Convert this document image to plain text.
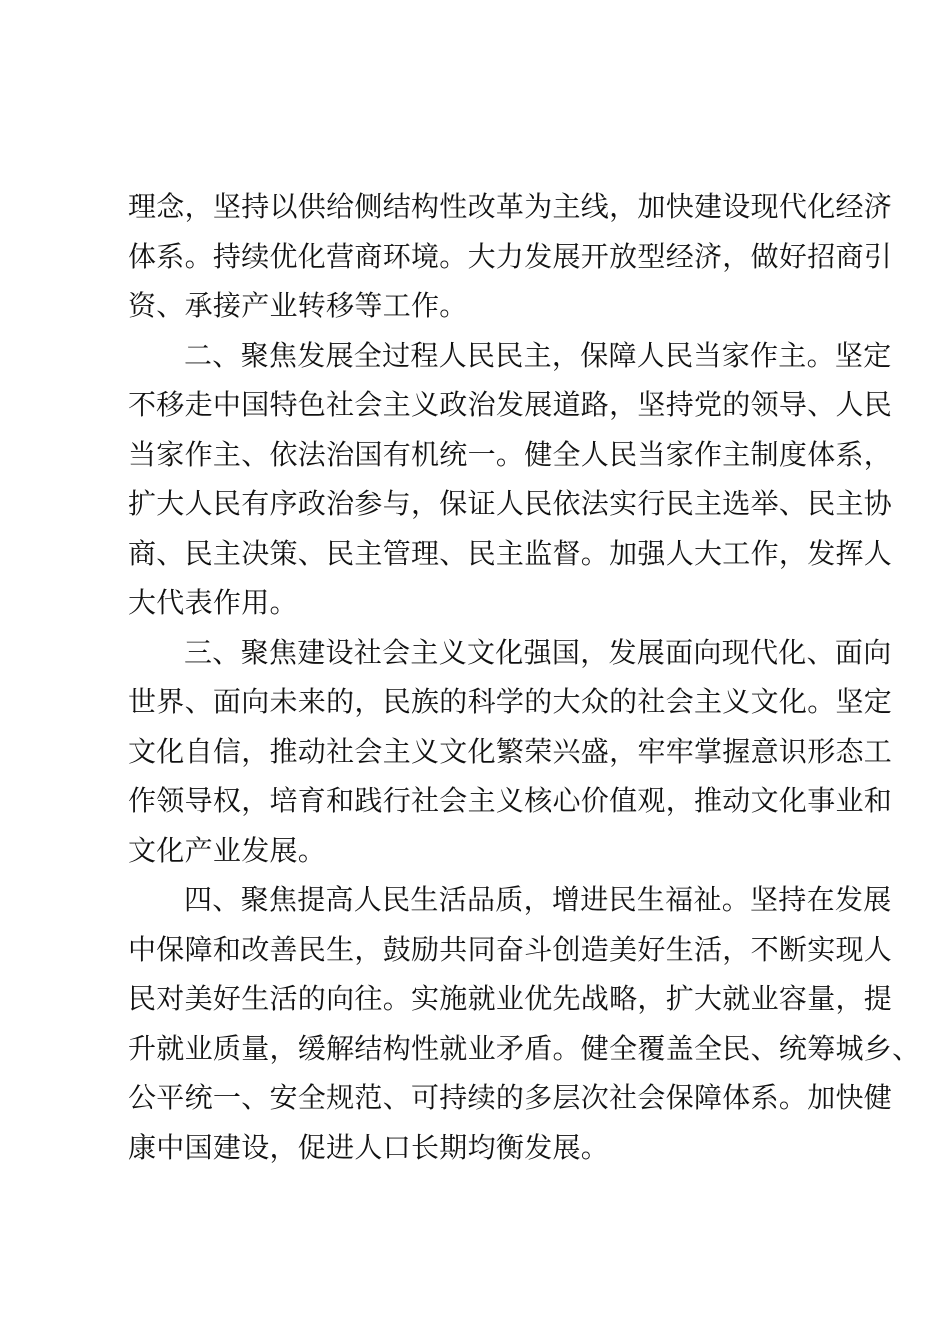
理念，坚持以供给侧结构性改革为主线，加快建设现代化经济
体系。持续优化营商环境。大力发展开放型经济，做好招商引
资、承接产业转移等工作。
二、聚焦发展全过程人民民主，保障人民当家作主。坚定
不移走中国特色社会主义政治发展道路，坚持党的领导、人民
当家作主、依法治国有机统一。健全人民当家作主制度体系，
扩大人民有序政治参与，保证人民依法实行民主选举、民主协
商、民主决策、民主管理、民主监督。加强人大工作，发挥人
大代表作用。
三、聚焦建设社会主义文化强国，发展面向现代化、面向
世界、面向未来的，民族的科学的大众的社会主义文化。坚定
文化自信，推动社会主义文化繁荣兴盛，牢牢掌握意识形态工
作领导权，培育和践行社会主义核心价值观，推动文化事业和
文化产业发展。
四、聚焦提高人民生活品质，增进民生福祉。坚持在发展
中保障和改善民生，鼓励共同奋斗创造美好生活，不断实现人
民对美好生活的向往。实施就业优先战略，扩大就业容量，提
升就业质量，缓解结构性就业矛盾。健全覆盖全民、统筹城乡、
公平统一、安全规范、可持续的多层次社会保障体系。加快健
康中国建设，促进人口长期均衡发展。
